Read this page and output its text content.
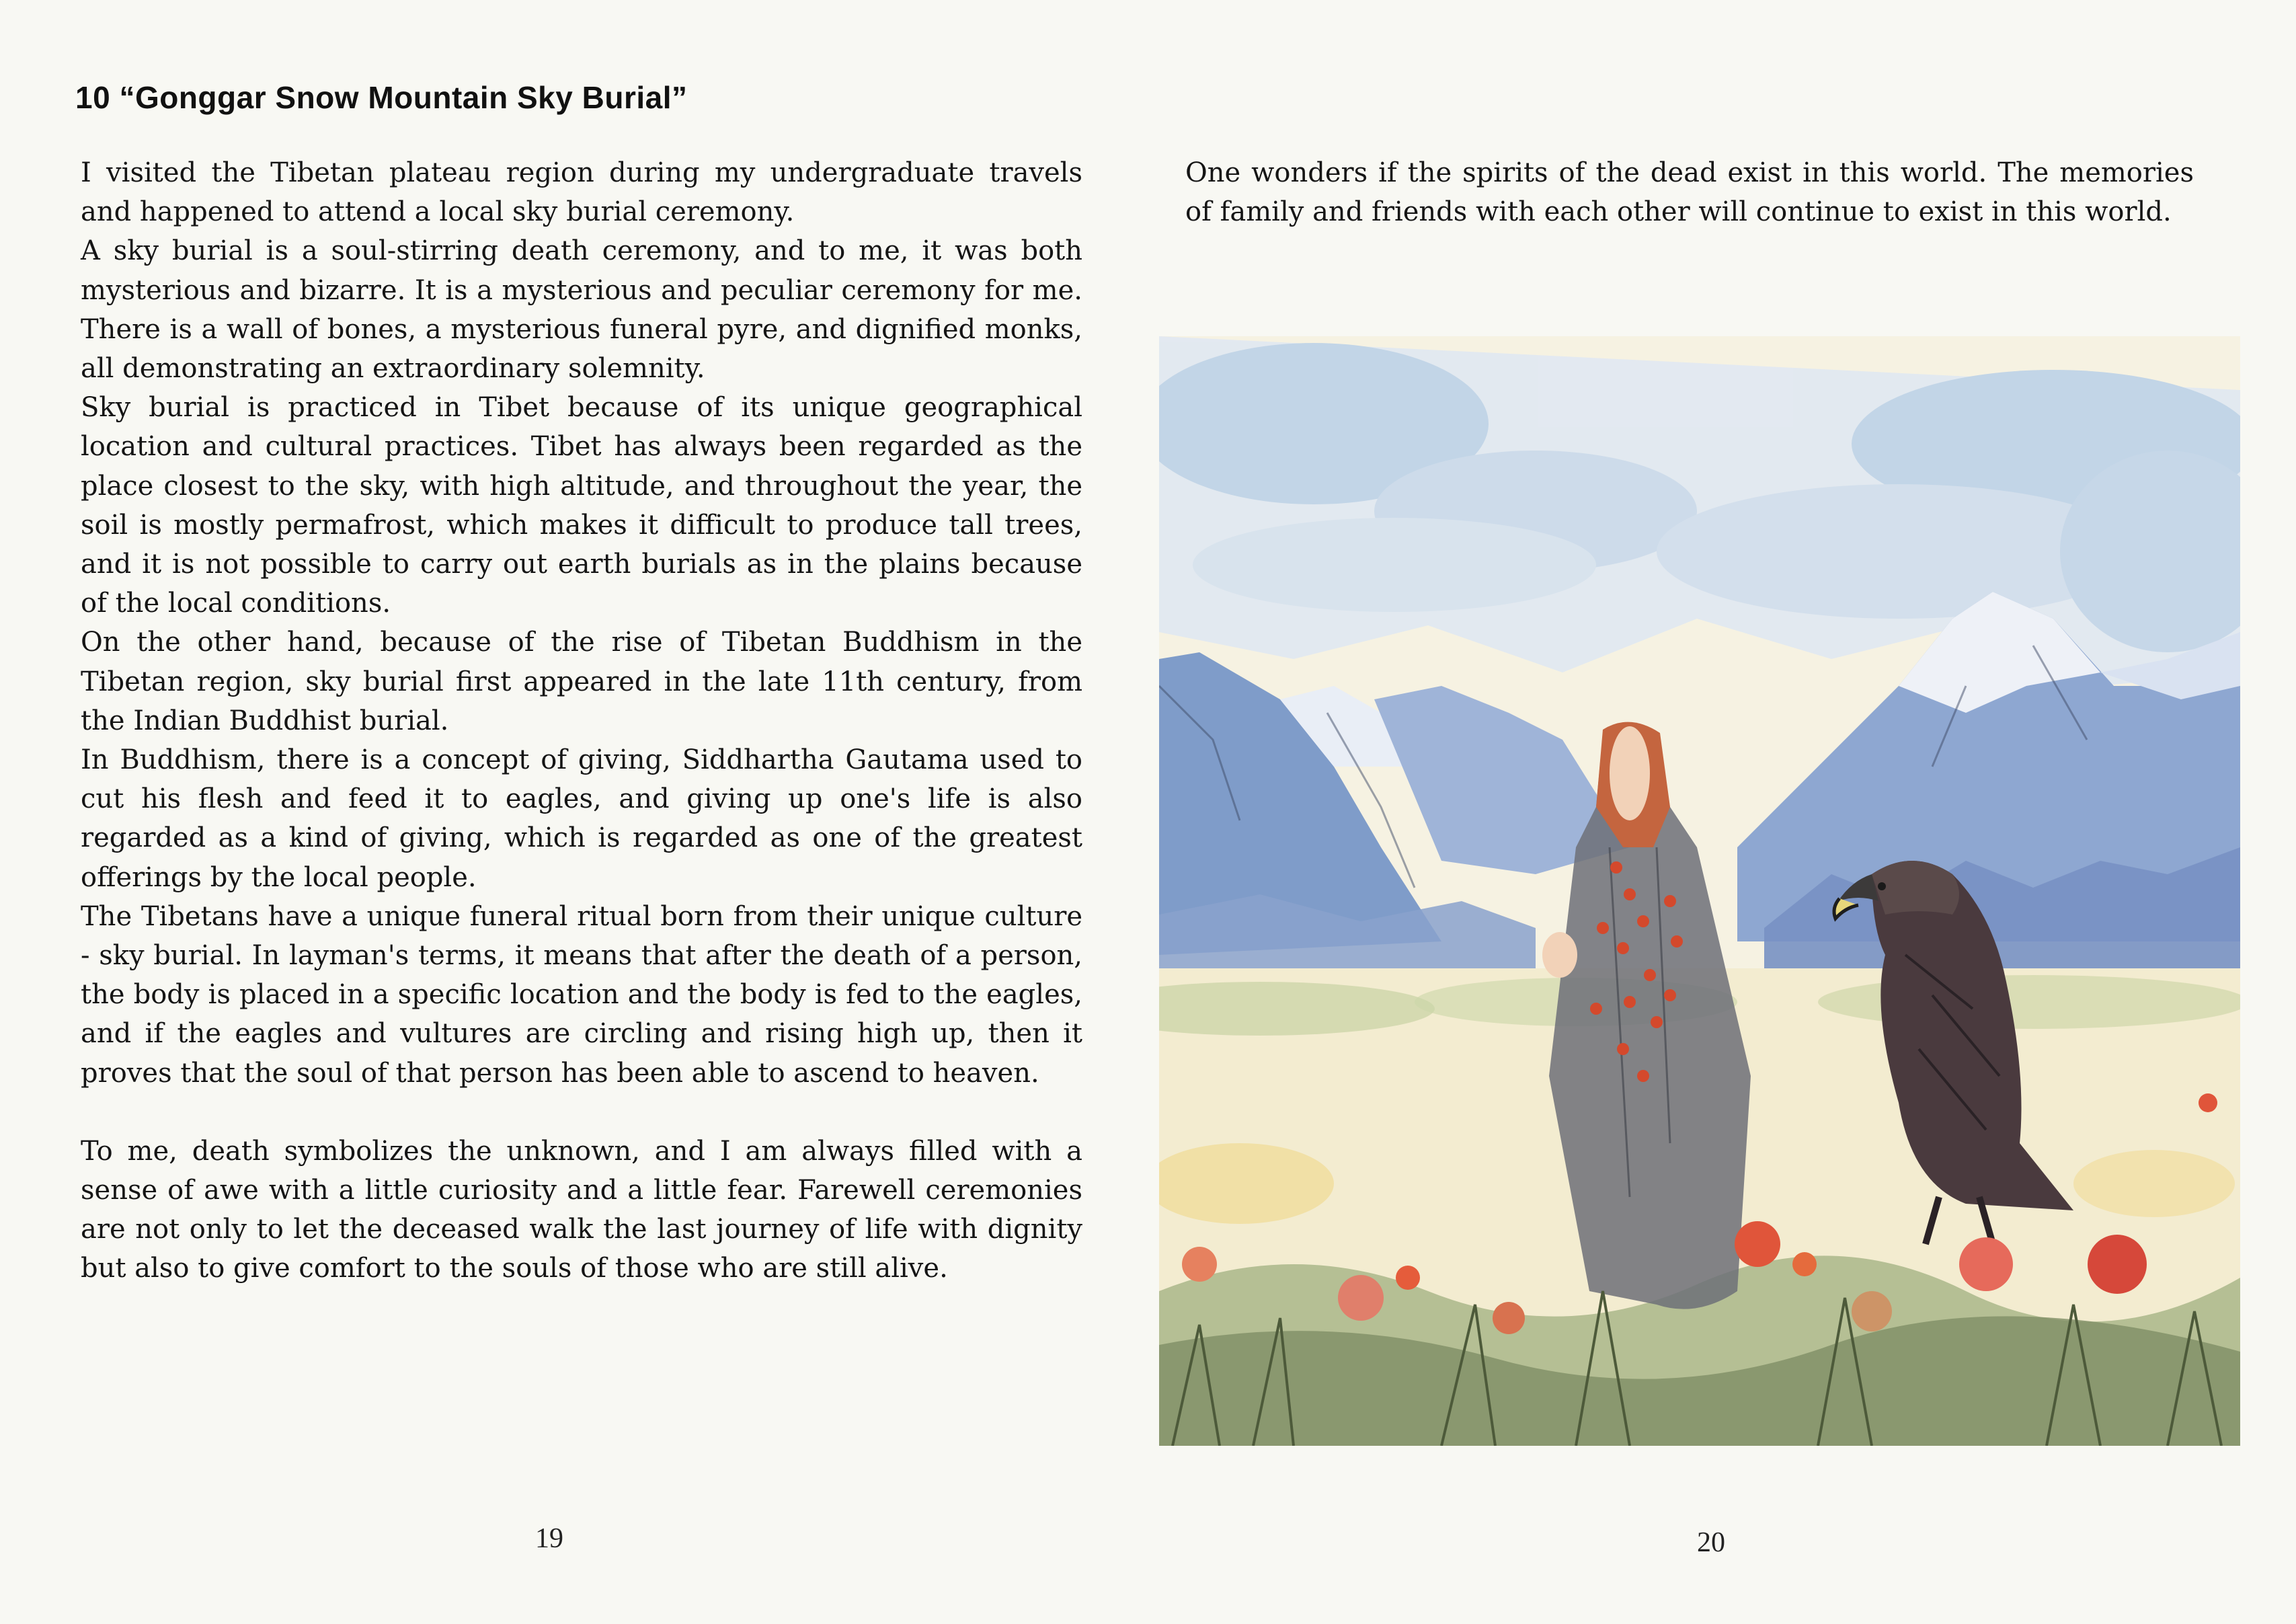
10 “Gonggar Snow Mountain Sky Burial”

I visited the Tibetan plateau region during my undergraduate travels and happened to attend a local sky burial ceremony.

A sky burial is a soul-stirring death ceremony, and to me, it was both mysterious and bizarre. It is a mysterious and peculiar ceremony for me. There is a wall of bones, a mysterious funeral pyre, and dignified monks, all demonstrating an extraordinary solemnity.

Sky burial is practiced in Tibet because of its unique geographical location and cultural practices. Tibet has always been regarded as the place closest to the sky, with high altitude, and throughout the year, the soil is mostly permafrost, which makes it difficult to produce tall trees, and it is not possible to carry out earth burials as in the plains because of the local conditions.

On the other hand, because of the rise of Tibetan Buddhism in the Tibetan region, sky burial first appeared in the late 11th century, from the Indian Buddhist burial.

In Buddhism, there is a concept of giving, Siddhartha Gautama used to cut his flesh and feed it to eagles, and giving up one's life is also regarded as a kind of giving, which is regarded as one of the greatest offerings by the local people.

The Tibetans have a unique funeral ritual born from their unique culture - sky burial. In layman's terms, it means that after the death of a person, the body is placed in a specific location and the body is fed to the eagles, and if the eagles and vultures are circling and rising high up, then it proves that the soul of that person has been able to ascend to heaven.

To me, death symbolizes the unknown, and I am always filled with a sense of awe with a little curiosity and a little fear. Farewell ceremonies are not only to let the deceased walk the last journey of life with dignity but also to give comfort to the souls of those who are still alive.

19

One wonders if the spirits of the dead exist in this world. The memories of family and friends with each other will continue to exist in this world.

20
